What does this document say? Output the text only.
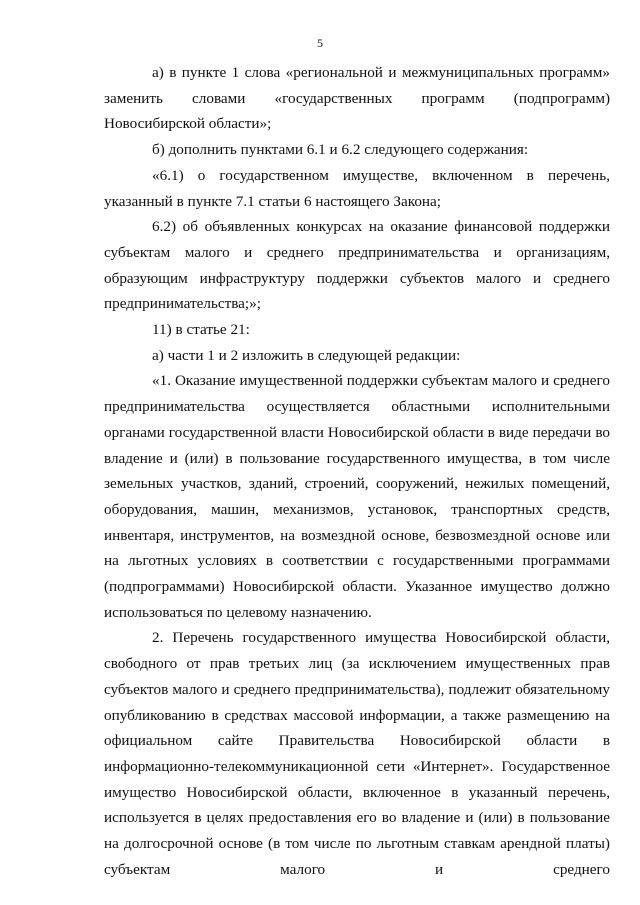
5

а) в пункте 1 слова «региональной и межмуниципальных программ» заменить словами «государственных программ (подпрограмм) Новосибирской области»;

б) дополнить пунктами 6.1 и 6.2 следующего содержания:

«6.1) о государственном имуществе, включенном в перечень, указанный в пункте 7.1 статьи 6 настоящего Закона;

6.2) об объявленных конкурсах на оказание финансовой поддержки субъектам малого и среднего предпринимательства и организациям, образующим инфраструктуру поддержки субъектов малого и среднего предпринимательства;»;

11) в статье 21:

а) части 1 и 2 изложить в следующей редакции:

«1. Оказание имущественной поддержки субъектам малого и среднего предпринимательства осуществляется областными исполнительными органами государственной власти Новосибирской области в виде передачи во владение и (или) в пользование государственного имущества, в том числе земельных участков, зданий, строений, сооружений, нежилых помещений, оборудования, машин, механизмов, установок, транспортных средств, инвентаря, инструментов, на возмездной основе, безвозмездной основе или на льготных условиях в соответствии с государственными программами (подпрограммами) Новосибирской области. Указанное имущество должно использоваться по целевому назначению.

2. Перечень государственного имущества Новосибирской области, свободного от прав третьих лиц (за исключением имущественных прав субъектов малого и среднего предпринимательства), подлежит обязательному опубликованию в средствах массовой информации, а также размещению на официальном сайте Правительства Новосибирской области в информационно-телекоммуникационной сети «Интернет». Государственное имущество Новосибирской области, включенное в указанный перечень, используется в целях предоставления его во владение и (или) в пользование на долгосрочной основе (в том числе по льготным ставкам арендной платы) субъектам малого и среднего
